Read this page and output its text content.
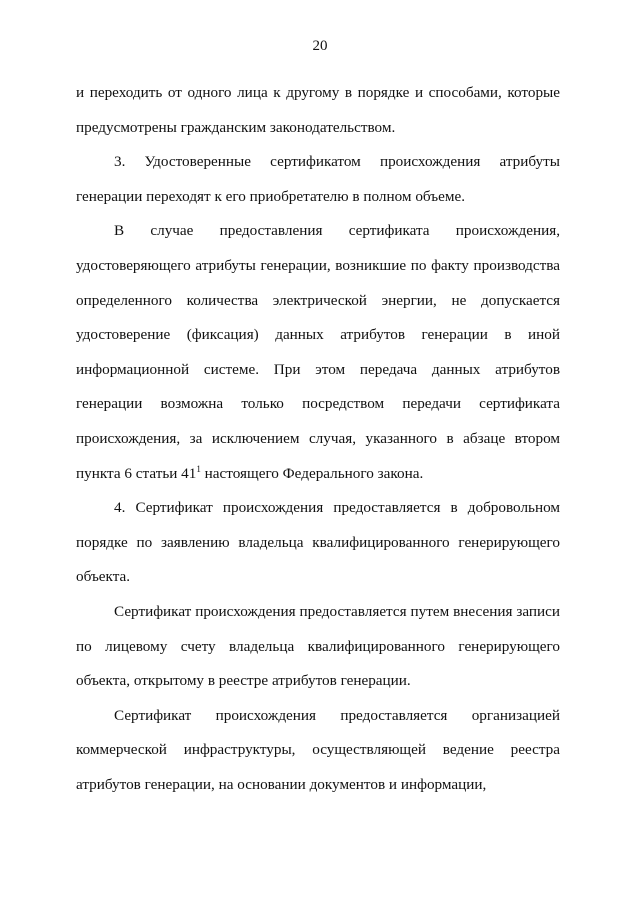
20

и переходить от одного лица к другому в порядке и способами, которые предусмотрены гражданским законодательством.

3. Удостоверенные сертификатом происхождения атрибуты генерации переходят к его приобретателю в полном объеме.

В случае предоставления сертификата происхождения, удостоверяющего атрибуты генерации, возникшие по факту производства определенного количества электрической энергии, не допускается удостоверение (фиксация) данных атрибутов генерации в иной информационной системе. При этом передача данных атрибутов генерации возможна только посредством передачи сертификата происхождения, за исключением случая, указанного в абзаце втором пункта 6 статьи $41^1$ настоящего Федерального закона.

4. Сертификат происхождения предоставляется в добровольном порядке по заявлению владельца квалифицированного генерирующего объекта.

Сертификат происхождения предоставляется путем внесения записи по лицевому счету владельца квалифицированного генерирующего объекта, открытому в реестре атрибутов генерации.

Сертификат происхождения предоставляется организацией коммерческой инфраструктуры, осуществляющей ведение реестра атрибутов генерации, на основании документов и информации,
